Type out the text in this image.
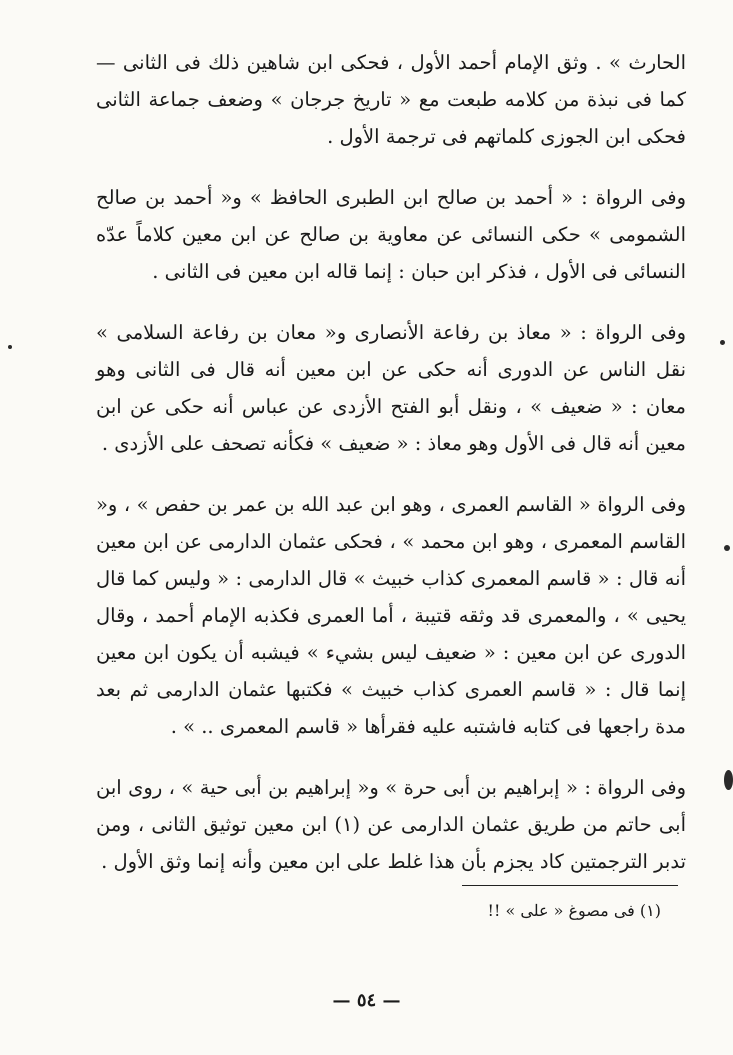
الحارث » . وثق الإمام أحمد الأول ، فحكى ابن شاهين ذلك فى الثانى — كما فى نبذة من كلامه طبعت مع « تاريخ جرجان » وضعف جماعة الثانى فحكى ابن الجوزى كلماتهم فى ترجمة الأول .

وفى الرواة : « أحمد بن صالح ابن الطبرى الحافظ » و« أحمد بن صالح الشمومى » حكى النسائى عن معاوية بن صالح عن ابن معين كلاماً عدّه النسائى فى الأول ، فذكر ابن حبان : إنما قاله ابن معين فى الثانى .

وفى الرواة : « معاذ بن رفاعة الأنصارى و« معان بن رفاعة السلامى » نقل الناس عن الدورى أنه حكى عن ابن معين أنه قال فى الثانى وهو معان : « ضعيف » ، ونقل أبو الفتح الأزدى عن عباس أنه حكى عن ابن معين أنه قال فى الأول وهو معاذ : « ضعيف » فكأنه تصحف على الأزدى .

وفى الرواة « القاسم العمرى ، وهو ابن عبد الله بن عمر بن حفص » ، و« القاسم المعمرى ، وهو ابن محمد » ، فحكى عثمان الدارمى عن ابن معين أنه قال : « قاسم المعمرى كذاب خبيث » قال الدارمى : « وليس كما قال يحيى » ، والمعمرى قد وثقه قتيبة ، أما العمرى فكذبه الإمام أحمد ، وقال الدورى عن ابن معين : « ضعيف ليس بشيء » فيشبه أن يكون ابن معين إنما قال : « قاسم العمرى كذاب خبيث » فكتبها عثمان الدارمى ثم بعد مدة راجعها فى كتابه فاشتبه عليه فقرأها « قاسم المعمرى .. » .

وفى الرواة : « إبراهيم بن أبى حرة » و« إبراهيم بن أبى حية » ، روى ابن أبى حاتم من طريق عثمان الدارمى عن (١) ابن معين توثيق الثانى ، ومن تدبر الترجمتين كاد يجزم بأن هذا غلط على ابن معين وأنه إنما وثق الأول .

(١) فى مصوغ « على » !!
— ٥٤ —
